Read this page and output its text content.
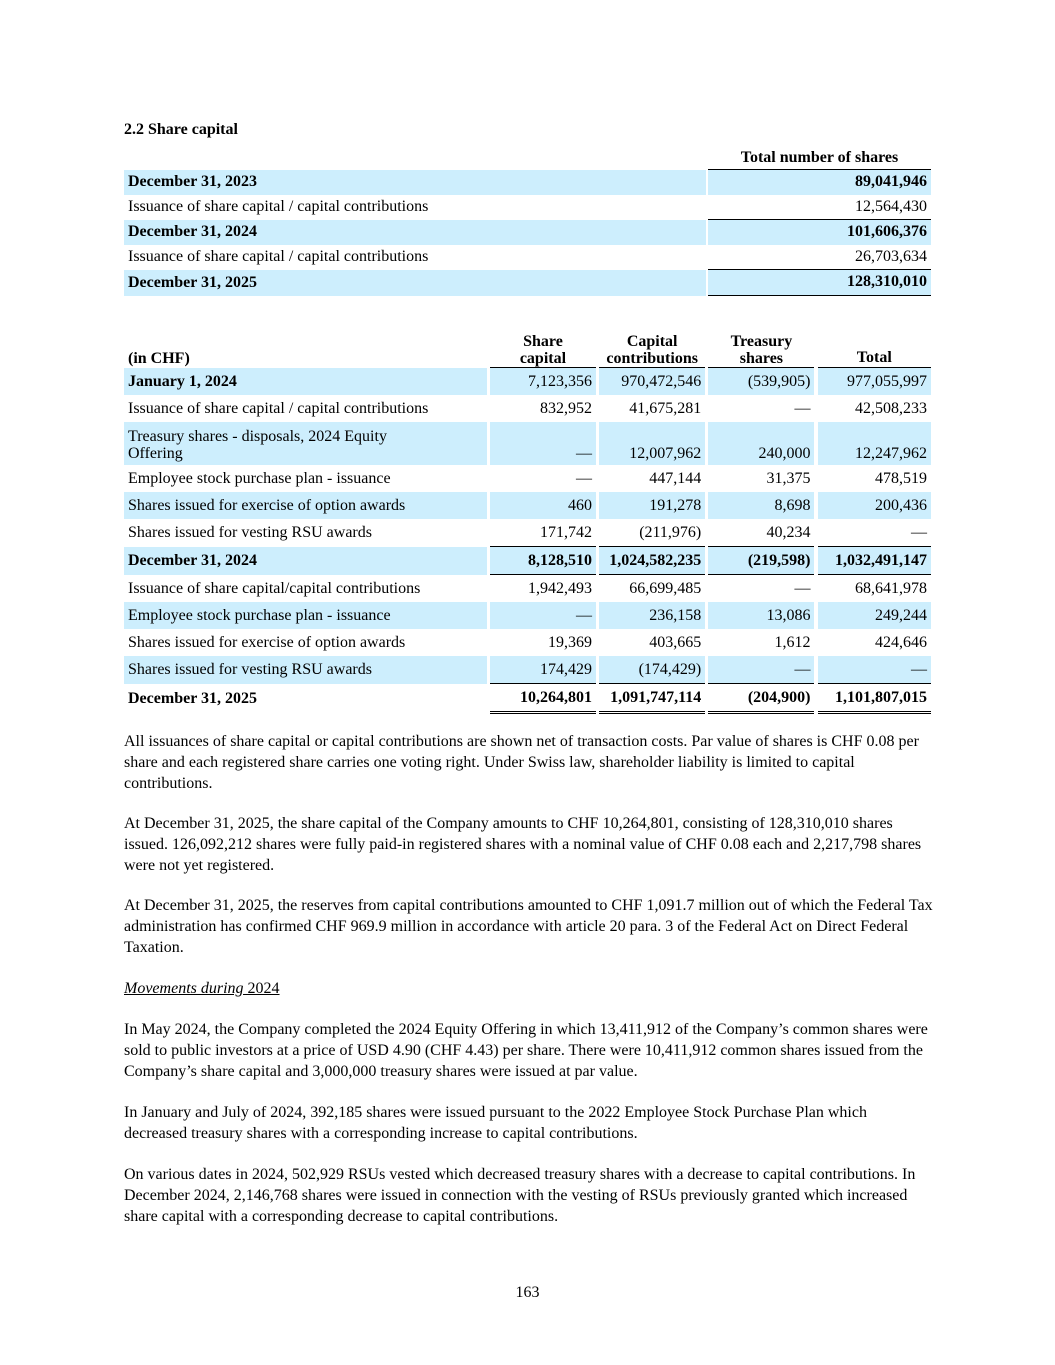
2.2 Share capital
		Total number of shares
December 31, 2023		89,041,946
Issuance of share capital / capital contributions		12,564,430
December 31, 2024		101,606,376
Issuance of share capital / capital contributions		26,703,634
December 31, 2025		128,310,010
(in CHF)		Share capital		Capital contributions		Treasury shares		Total
January 1, 2024		7,123,356		970,472,546		(539,905)		977,055,997
Issuance of share capital / capital contributions		832,952		41,675,281		—		42,508,233

Treasury shares - disposals, 2024 Equity
Offering		—		12,007,962		240,000		12,247,962
Employee stock purchase plan - issuance		—		447,144		31,375		478,519
Shares issued for exercise of option awards		460		191,278		8,698		200,436
Shares issued for vesting RSU awards		171,742		(211,976)		40,234		—
December 31, 2024		8,128,510		1,024,582,235		(219,598)		1,032,491,147
Issuance of share capital/capital contributions		1,942,493		66,699,485		—		68,641,978
Employee stock purchase plan - issuance		—		236,158		13,086		249,244
Shares issued for exercise of option awards		19,369		403,665		1,612		424,646
Shares issued for vesting RSU awards		174,429		(174,429)		—		—
December 31, 2025		10,264,801		1,091,747,114		(204,900)		1,101,807,015

All issuances of share capital or capital contributions are shown net of transaction costs. Par value of shares is CHF 0.08 per share and each registered share carries one voting right. Under Swiss law, shareholder liability is limited to capital contributions.

At December 31, 2025, the share capital of the Company amounts to CHF 10,264,801, consisting of 128,310,010 shares issued. 126,092,212 shares were fully paid-in registered shares with a nominal value of CHF 0.08 each and 2,217,798 shares were not yet registered.

At December 31, 2025, the reserves from capital contributions amounted to CHF 1,091.7 million out of which the Federal Tax administration has confirmed CHF 969.9 million in accordance with article 20 para. 3 of the Federal Act on Direct Federal Taxation.

Movements during 2024

In May 2024, the Company completed the 2024 Equity Offering in which 13,411,912 of the Company’s common shares were sold to public investors at a price of USD 4.90 (CHF 4.43) per share. There were 10,411,912 common shares issued from the Company’s share capital and 3,000,000 treasury shares were issued at par value.

In January and July of 2024, 392,185 shares were issued pursuant to the 2022 Employee Stock Purchase Plan which decreased treasury shares with a corresponding increase to capital contributions.

On various dates in 2024, 502,929 RSUs vested which decreased treasury shares with a decrease to capital contributions. In December 2024, 2,146,768 shares were issued in connection with the vesting of RSUs previously granted which increased share capital with a corresponding decrease to capital contributions.

163
